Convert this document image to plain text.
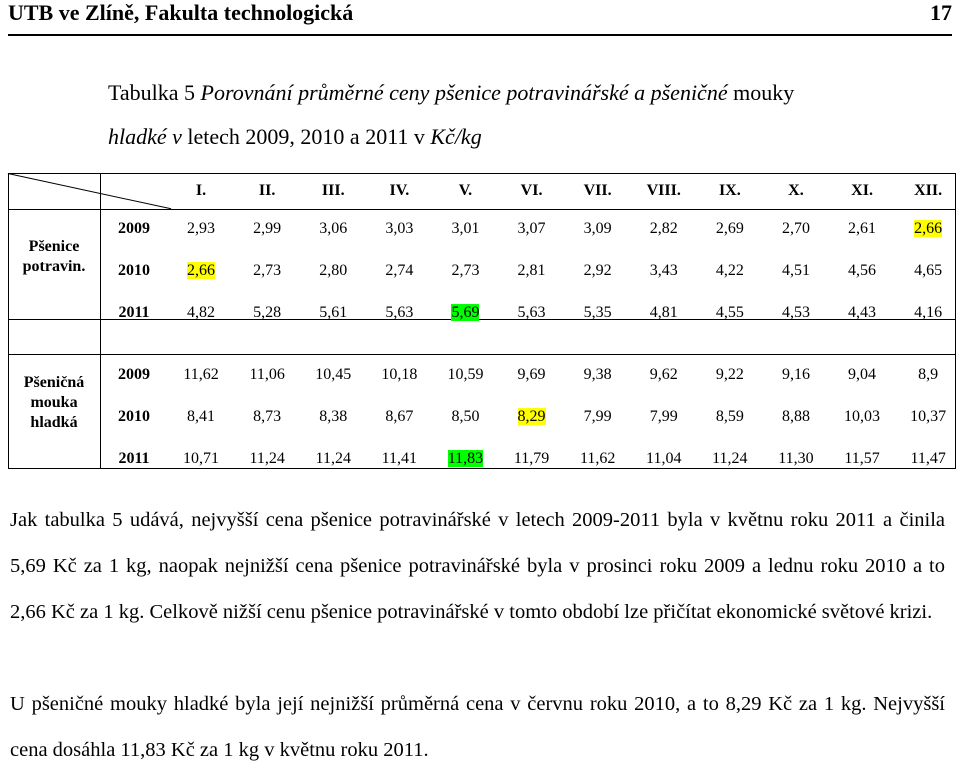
UTB ve Zlíně, Fakulta technologická	17
Tabulka 5 Porovnání průměrné ceny pšenice potravinářské a pšeničné mouky
hladké v letech 2009, 2010 a 2011 v Kč/kg
I.	II.	III.	IV.	V.	VI.	VII.	VIII.	IX.	X.	XI.	XII.
Pšenice potravin.
2009	2,93	2,99	3,06	3,03	3,01	3,07	3,09	2,82	2,69	2,70	2,61	2,66
2010	2,66	2,73	2,80	2,74	2,73	2,81	2,92	3,43	4,22	4,51	4,56	4,65
2011	4,82	5,28	5,61	5,63	5,69	5,63	5,35	4,81	4,55	4,53	4,43	4,16
Pšeničná mouka hladká
2009	11,62	11,06	10,45	10,18	10,59	9,69	9,38	9,62	9,22	9,16	9,04	8,9
2010	8,41	8,73	8,38	8,67	8,50	8,29	7,99	7,99	8,59	8,88	10,03	10,37
2011	10,71	11,24	11,24	11,41	11,83	11,79	11,62	11,04	11,24	11,30	11,57	11,47
Jak tabulka 5 udává, nejvyšší cena pšenice potravinářské v letech 2009-2011 byla v květnu roku 2011 a činila 5,69 Kč za 1 kg, naopak nejnižší cena pšenice potravinářské byla v prosinci roku 2009 a lednu roku 2010 a to 2,66 Kč za 1 kg. Celkově nižší cenu pšenice potravinářské v tomto období lze přičítat ekonomické světové krizi.
U pšeničné mouky hladké byla její nejnižší průměrná cena v červnu roku 2010, a to 8,29 Kč za 1 kg. Nejvyšší cena dosáhla 11,83 Kč za 1 kg v květnu roku 2011.
